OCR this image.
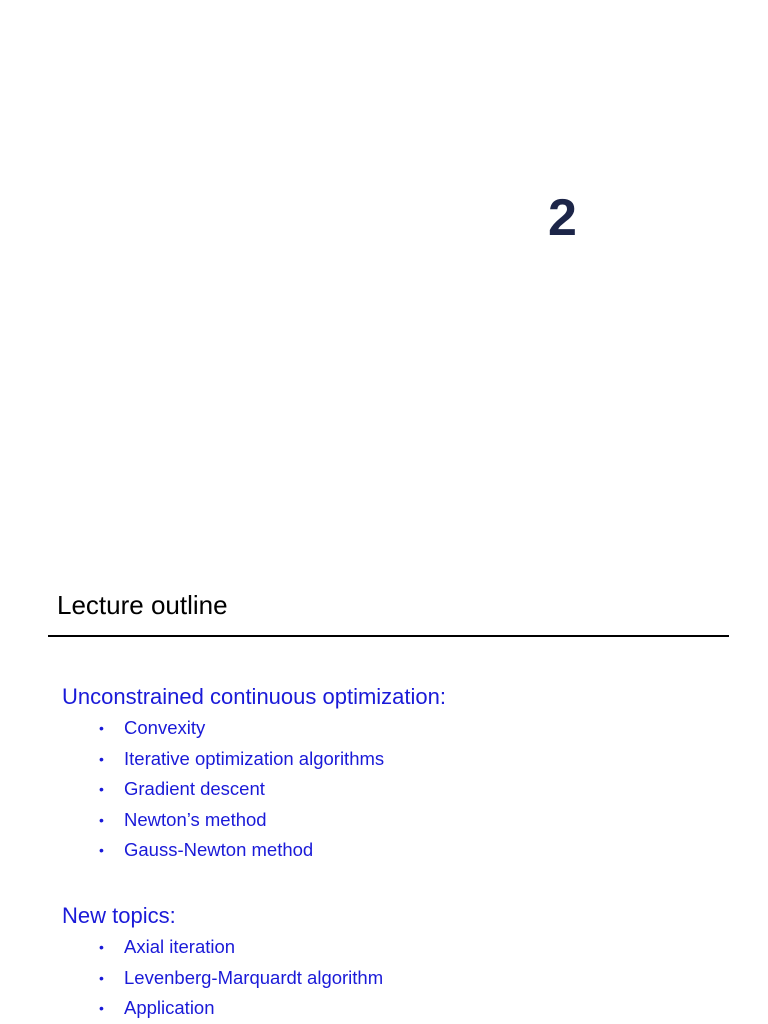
2
Lecture outline
Unconstrained continuous optimization:
• Convexity
• Iterative optimization algorithms
• Gradient descent
• Newton’s method
• Gauss-Newton method
New topics:
• Axial iteration
• Levenberg-Marquardt algorithm
• Application
